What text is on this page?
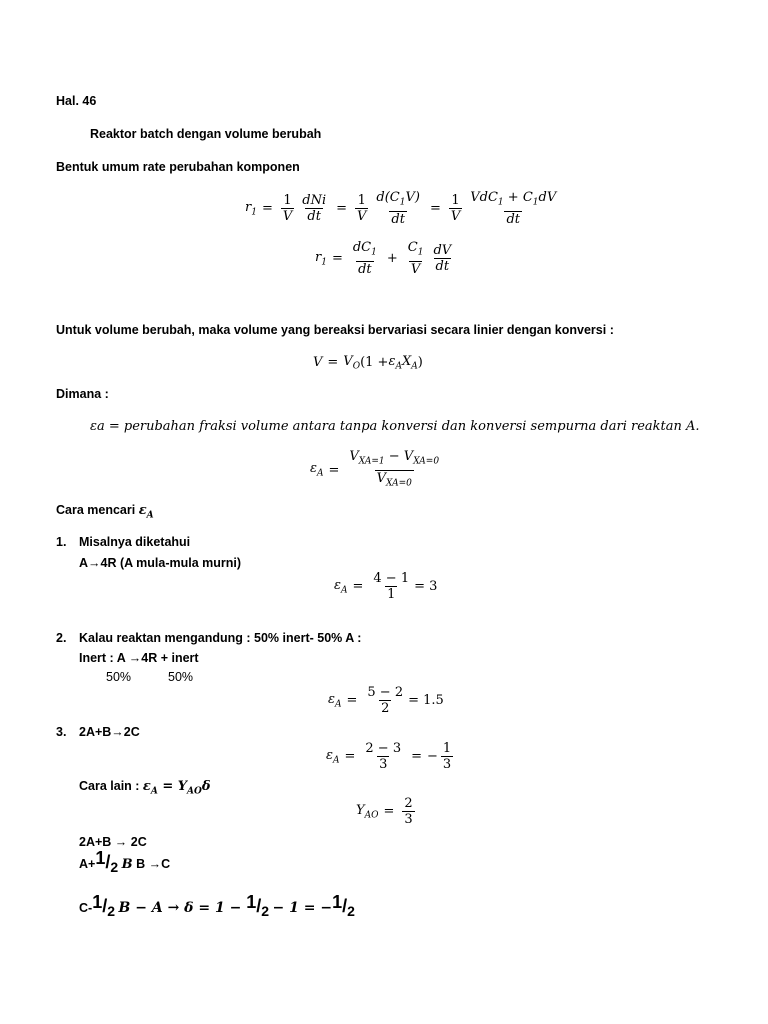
Hal. 46
Reaktor batch dengan volume berubah
Bentuk umum rate perubahan komponen
$r_1 = \frac{1}{V}$ dNi
dt
= $\frac{1}{V} \frac{d(C_1V)}{dt} = \frac{1}{V} VdC_1 + C_1dV$
dt
$r_1 = \frac{dC_1}{dt} + \frac{C_1}{V}$ dV
dt
Untuk volume berubah, maka volume yang bereaksi bervariasi secara linier dengan konversi :
$V = V_O$ ($1 + \varepsilon_AX_A$ )
Dimana :
εa = perubahan fraksi volume antara tanpa konversi dan konversi sempurna dari reaktan A.
$\varepsilon_A$ =
$V_{XA=1} - V_{XA=0}$
$V_{XA=0}$
Cara mencari $\varepsilon_A$
1. Misalnya diketahui
A→4R (A mula-mula murni)
$\varepsilon_A = \frac{4 - 1}{1} = 3$
2. Kalau reaktan mengandung : 50% inert- 50% A :
Inert : A →4R + inert
50%	50%
$\varepsilon_A = \frac{5 - 2}{2} = 1.5$
3. 2A+B→2C
$\varepsilon_A = \frac{2 - 3}{3}$ = − $\frac{1}{3}$
Cara lain : $\varepsilon_A = Y_{AO}\delta$
$Y_{AO} = \frac{2}{3}$
2A+B → 2C
A+1/2 B B →C
C-1/2 B − A → δ = 1 − 1/2 − 1 = −1/2
